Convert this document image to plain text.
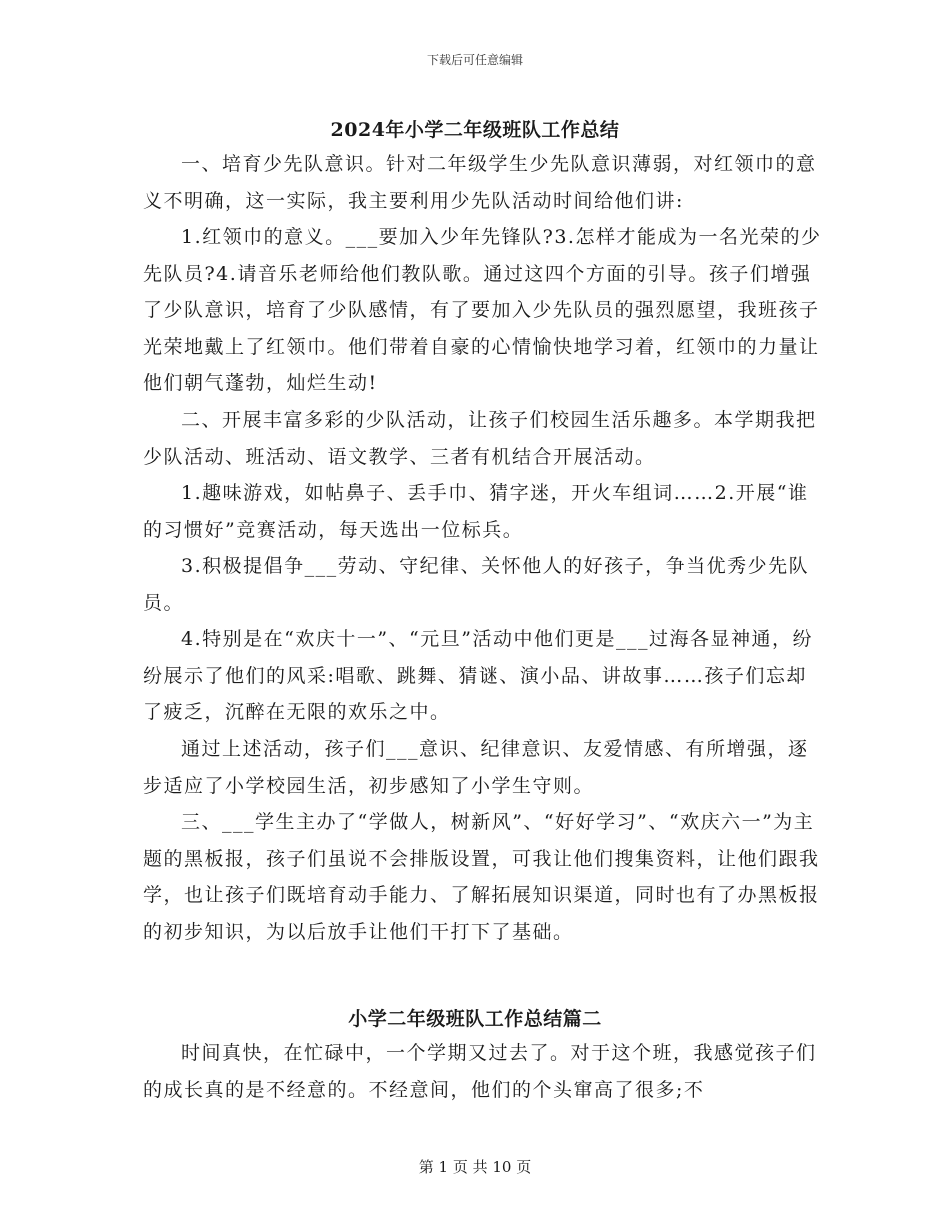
下载后可任意编辑
2024年小学二年级班队工作总结
一、培育少先队意识。针对二年级学生少先队意识薄弱，对红领巾的意义不明确，这一实际，我主要利用少先队活动时间给他们讲:
1.红领巾的意义。___要加入少年先锋队?3.怎样才能成为一名光荣的少先队员?4.请音乐老师给他们教队歌。通过这四个方面的引导。孩子们增强了少队意识，培育了少队感情，有了要加入少先队员的强烈愿望，我班孩子光荣地戴上了红领巾。他们带着自豪的心情愉快地学习着，红领巾的力量让他们朝气蓬勃，灿烂生动!
二、开展丰富多彩的少队活动，让孩子们校园生活乐趣多。本学期我把少队活动、班活动、语文教学、三者有机结合开展活动。
1.趣味游戏，如帖鼻子、丢手巾、猜字迷，开火车组词……2.开展“谁的习惯好”竞赛活动，每天选出一位标兵。
3.积极提倡争___劳动、守纪律、关怀他人的好孩子，争当优秀少先队员。
4.特别是在“欢庆十一”、“元旦”活动中他们更是___过海各显神通，纷纷展示了他们的风采:唱歌、跳舞、猜谜、演小品、讲故事……孩子们忘却了疲乏，沉醉在无限的欢乐之中。
通过上述活动，孩子们___意识、纪律意识、友爱情感、有所增强，逐步适应了小学校园生活，初步感知了小学生守则。
三、___学生主办了“学做人，树新风”、“好好学习”、“欢庆六一”为主题的黑板报，孩子们虽说不会排版设置，可我让他们搜集资料，让他们跟我学，也让孩子们既培育动手能力、了解拓展知识渠道，同时也有了办黑板报的初步知识，为以后放手让他们干打下了基础。
小学二年级班队工作总结篇二
时间真快，在忙碌中，一个学期又过去了。对于这个班，我感觉孩子们的成长真的是不经意的。不经意间，他们的个头窜高了很多;不
第 1 页 共 10 页
